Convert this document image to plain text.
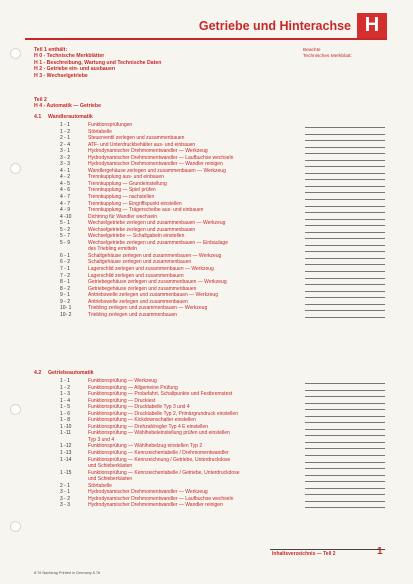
Getriebe und Hinterachse H
Teil 1 enthält:
H 0 - Technische Merkblätter
H 1 - Beschreibung, Wartung und Technische Daten
H 2 - Getriebe ein- und ausbauen
H 3 - Wechselgetriebe
Beachte
Technisches Merkblatt:
Teil 2
H 4 - Automatik — Getriebe
4.1 Wandlerautomatik
1 - 1	Funktionsprüfungen
1 - 2	Störtabelle
2 - 1	Steuerventil zerlegen und zusammenbauen
2 - 4	ATF- und Unterdruckbehälter aus- und einbauen
3 - 1	Hydrodynamischer Drehmomentwandler — Werkzeug
3 - 2	Hydrodynamischer Drehmomentwandler — Laufbuchse wechseln
3 - 3	Hydrodynamischer Drehmomentwandler — Wandler reinigen
4 - 1	Wandlergehäuse zerlegen und zusammenbauen — Werkzeug
4 - 2	Trennkupplung aus- und einbauen
4 - 5	Trennkupplung — Grundeinstellung
4 - 6	Trennkupplung — Spiel prüfen
4 - 7	Trennkupplung — nachstellen
4 - 7	Trennkupplung — Eingriffspunkt einstellen
4 - 9	Trennkupplung — Trägerscheibe aus- und einbauen
4 -10	Dichtring für Wandler wechseln
5 - 1	Wechselgetriebe zerlegen und zusammenbauen — Werkzeug
5 - 2	Wechselgetriebe zerlegen und zusammenbauen
5 - 7	Wechselgetriebe — Schaltgabeln einstellen
5 - 9	Wechselgetriebe zerlegen und zusammenbauen — Einbaulage
des Triebling ermitteln
6 - 1	Schaltgehäuse zerlegen und zusammenbauen — Werkzeug
6 - 2	Schaltgehäuse zerlegen und zusammenbauen
7 - 1	Lagerschild zerlegen und zusammenbauen — Werkzeug
7 - 2	Lagerschild zerlegen und zusammenbauen
8 - 1	Getriebegehäuse zerlegen und zusammenbauen — Werkzeug
8 - 2	Getriebegehäuse zerlegen und zusammenbauen
9 - 1	Antriebswelle zerlegen und zusammenbauen — Werkzeug
9 - 2	Antriebswelle zerlegen und zusammenbauen
10- 1	Triebling zerlegen und zusammenbauen — Werkzeug
10- 2	Triebling zerlegen und zusammenbauen
4.2 Getriebeautomatik
1 - 1	Funktionsprüfung — Werkzeug
1 - 2	Funktionsprüfung — Allgemeine Prüfung
1 - 3	Funktionsprüfung — Probefahrt, Schaltpunkte und Festbremstest
1 - 4	Funktionsprüfung — Druckiest
1 - 5	Funktionsprüfung — Drucktabelle Typ 3 und 4
1 - 6	Funktionsprüfung — Drucktabelle Typ 2, Primärgrundruck einstellen
1 - 8	Funktionsprüfung — Kickdownschalter einstellen
1 -10	Funktionsprüfung — Drehzahlregler Typ 4 E einstellen
1 -11	Funktionsprüfung — Wählhebeleinstellung prüfen und einstellen
Typ 3 und 4
1 -12	Funktionsprüfung — Wählhebelzug einstellen Typ 2
1 -13	Funktionsprüfung — Kennzeichentabelle / Drehmomentwandler
1 -14	Funktionsprüfung — Kennzeichnung / Getriebe, Unterdruckdose
und Schieberkästen
1 -15	Funktionsprüfung — Kennzeichentabelle / Getriebe, Unterdruckdose
und Schieberkästen
2 - 1	Störtabelle
3 - 1	Hydrodynamischer Drehmomentwandler — Werkzeug
3 - 2	Hydrodynamischer Drehmomentwandler — Laufbuchse wechseln
3 - 3	Hydrodynamischer Drehmomentwandler — Wandler reinigen
Inhaltsverzeichnis — Teil 2	1
8.76 Nachtrag Printed in Germany 8.76
